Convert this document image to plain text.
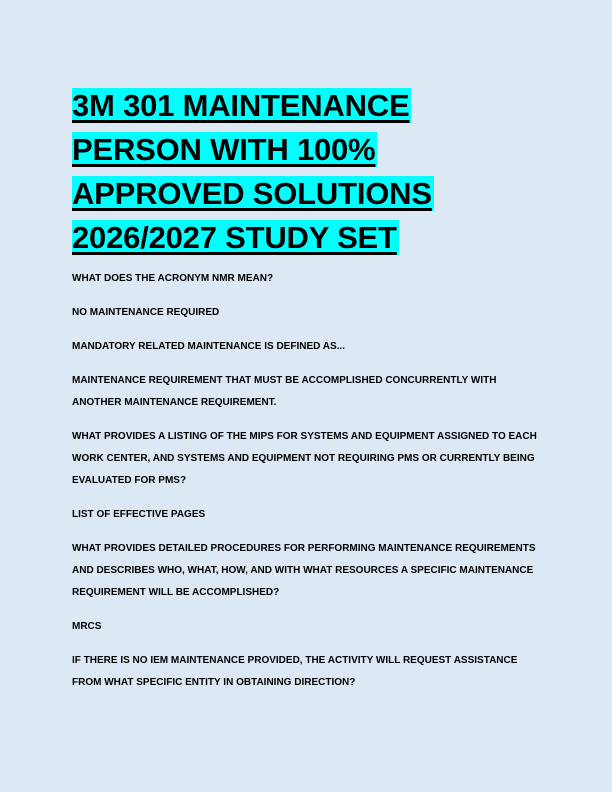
3M 301 MAINTENANCE
PERSON WITH 100%
APPROVED SOLUTIONS
2026/2027 STUDY SET

WHAT DOES THE ACRONYM NMR MEAN?

NO MAINTENANCE REQUIRED

MANDATORY RELATED MAINTENANCE IS DEFINED AS...

MAINTENANCE REQUIREMENT THAT MUST BE ACCOMPLISHED CONCURRENTLY WITH ANOTHER MAINTENANCE REQUIREMENT.

WHAT PROVIDES A LISTING OF THE MIPS FOR SYSTEMS AND EQUIPMENT ASSIGNED TO EACH WORK CENTER, AND SYSTEMS AND EQUIPMENT NOT REQUIRING PMS OR CURRENTLY BEING EVALUATED FOR PMS?

LIST OF EFFECTIVE PAGES

WHAT PROVIDES DETAILED PROCEDURES FOR PERFORMING MAINTENANCE REQUIREMENTS AND DESCRIBES WHO, WHAT, HOW, AND WITH WHAT RESOURCES A SPECIFIC MAINTENANCE REQUIREMENT WILL BE ACCOMPLISHED?

MRCS

IF THERE IS NO IEM MAINTENANCE PROVIDED, THE ACTIVITY WILL REQUEST ASSISTANCE FROM WHAT SPECIFIC ENTITY IN OBTAINING DIRECTION?
